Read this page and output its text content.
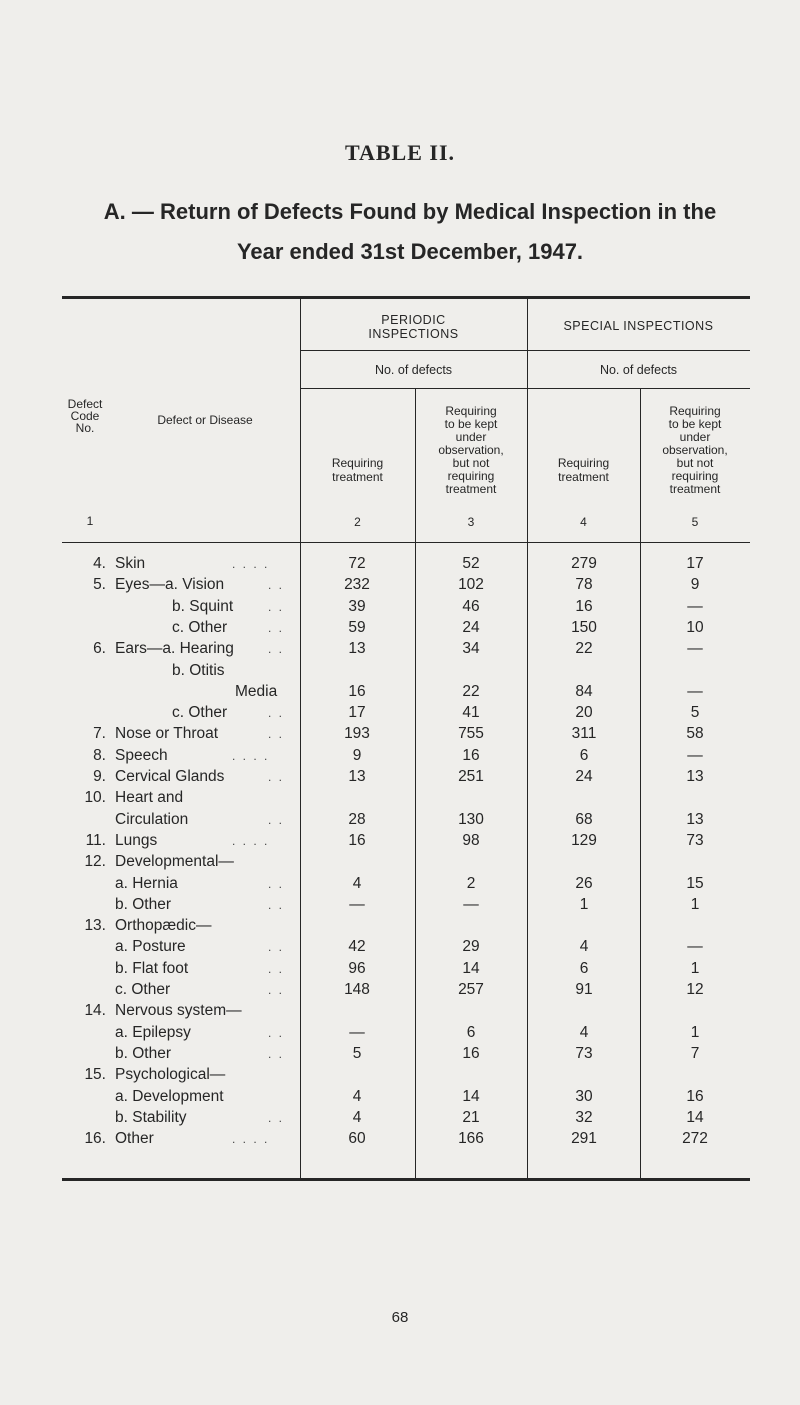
TABLE II.
A. — Return of Defects Found by Medical Inspection in the
Year ended 31st December, 1947.
Defect
Code
No.
Defect or Disease
PERIODIC
INSPECTIONS
SPECIAL INSPECTIONS
No. of defects	No. of defects
Requiring
treatment
Requiring
to be kept
under
observation,
but not
requiring
treatment
Requiring
treatment
Requiring
to be kept
under
observation,
but not
requiring
treatment
1	2	3	4	5
4. Skin	. . . .	72	52	279	17
5. Eyes—a. Vision	. .	232	102	78	9
b. Squint	. .	39	46	16	—
c. Other	. .	59	24	150	10
6. Ears—a. Hearing	. .	13	34	22	—
b. Otitis
Media	16	22	84	—
c. Other	. .	17	41	20	5
7. Nose or Throat	. .	193	755	311	58
8. Speech	. . . .	9	16	6	—
9. Cervical Glands	. .	13	251	24	13
10. Heart and
Circulation	. .	28	130	68	13
11. Lungs	. . . .	16	98	129	73
12. Developmental—
a. Hernia	. .	4	2	26	15
b. Other	. .	—	—	1	1
13. Orthopædic—
a. Posture	. .	42	29	4	—
b. Flat foot	. .	96	14	6	1
c. Other	. .	148	257	91	12
14. Nervous system—
a. Epilepsy	. .	—	6	4	1
b. Other	. .	5	16	73	7
15. Psychological—
a. Development	4	14	30	16
b. Stability	. .	4	21	32	14
16. Other	. . . .	60	166	291	272
68
